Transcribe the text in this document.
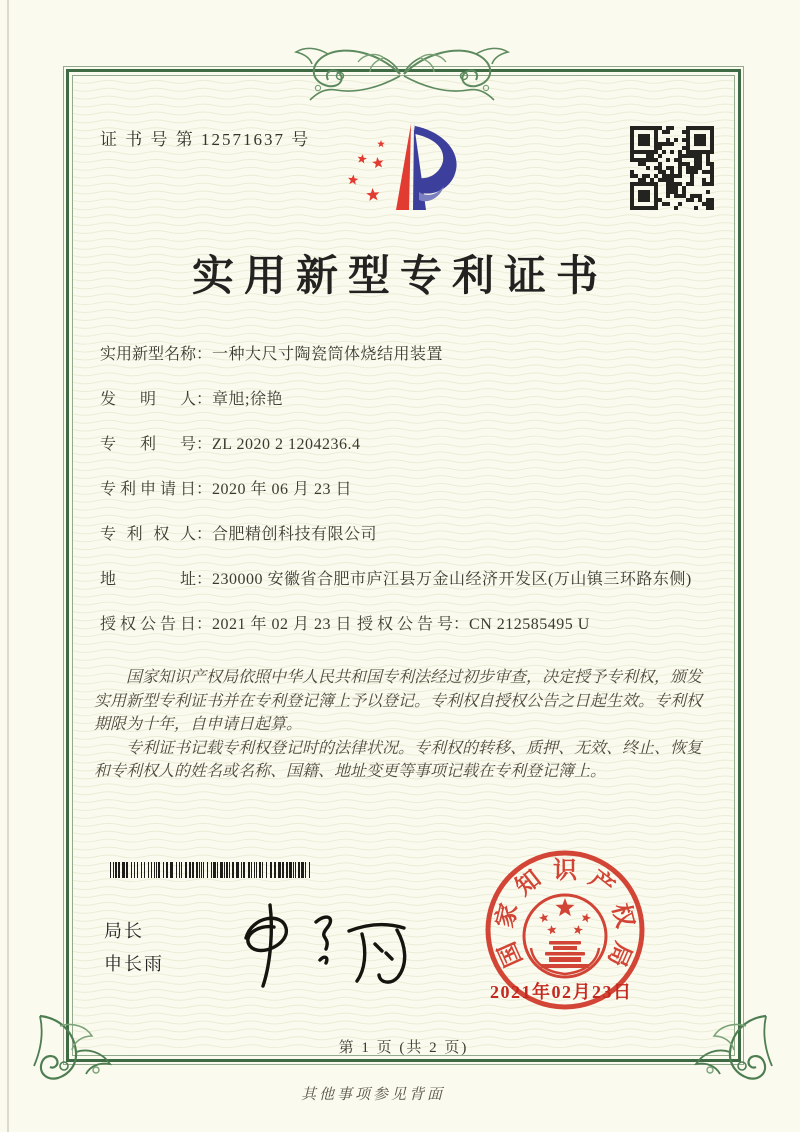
证 书 号 第 12571637 号
实用新型专利证书
实用新型名称 ： 一种大尺寸陶瓷筒体烧结用装置
发明人 ： 章旭;徐艳
专利号 ： ZL 2020 2 1204236.4
专利申请日 ： 2020 年 06 月 23 日
专利权人 ： 合肥精创科技有限公司
地址 ： 230000 安徽省合肥市庐江县万金山经济开发区(万山镇三环路东侧)
授权公告日 ： 2021 年 02 月 23 日 授权公告号 ： CN 212585495 U

国家知识产权局依照中华人民共和国专利法经过初步审查，决定授予专利权，颁发实用新型专利证书并在专利登记簿上予以登记。专利权自授权公告之日起生效。专利权期限为十年，自申请日起算。

专利证书记载专利权登记时的法律状况。专利权的转移、质押、无效、终止、恢复和专利权人的姓名或名称、国籍、地址变更等事项记载在专利登记簿上。

局长
申长雨	国
家
知 识 产
权
局
2021年02月23日
第 1 页 (共 2 页)
其他事项参见背面
